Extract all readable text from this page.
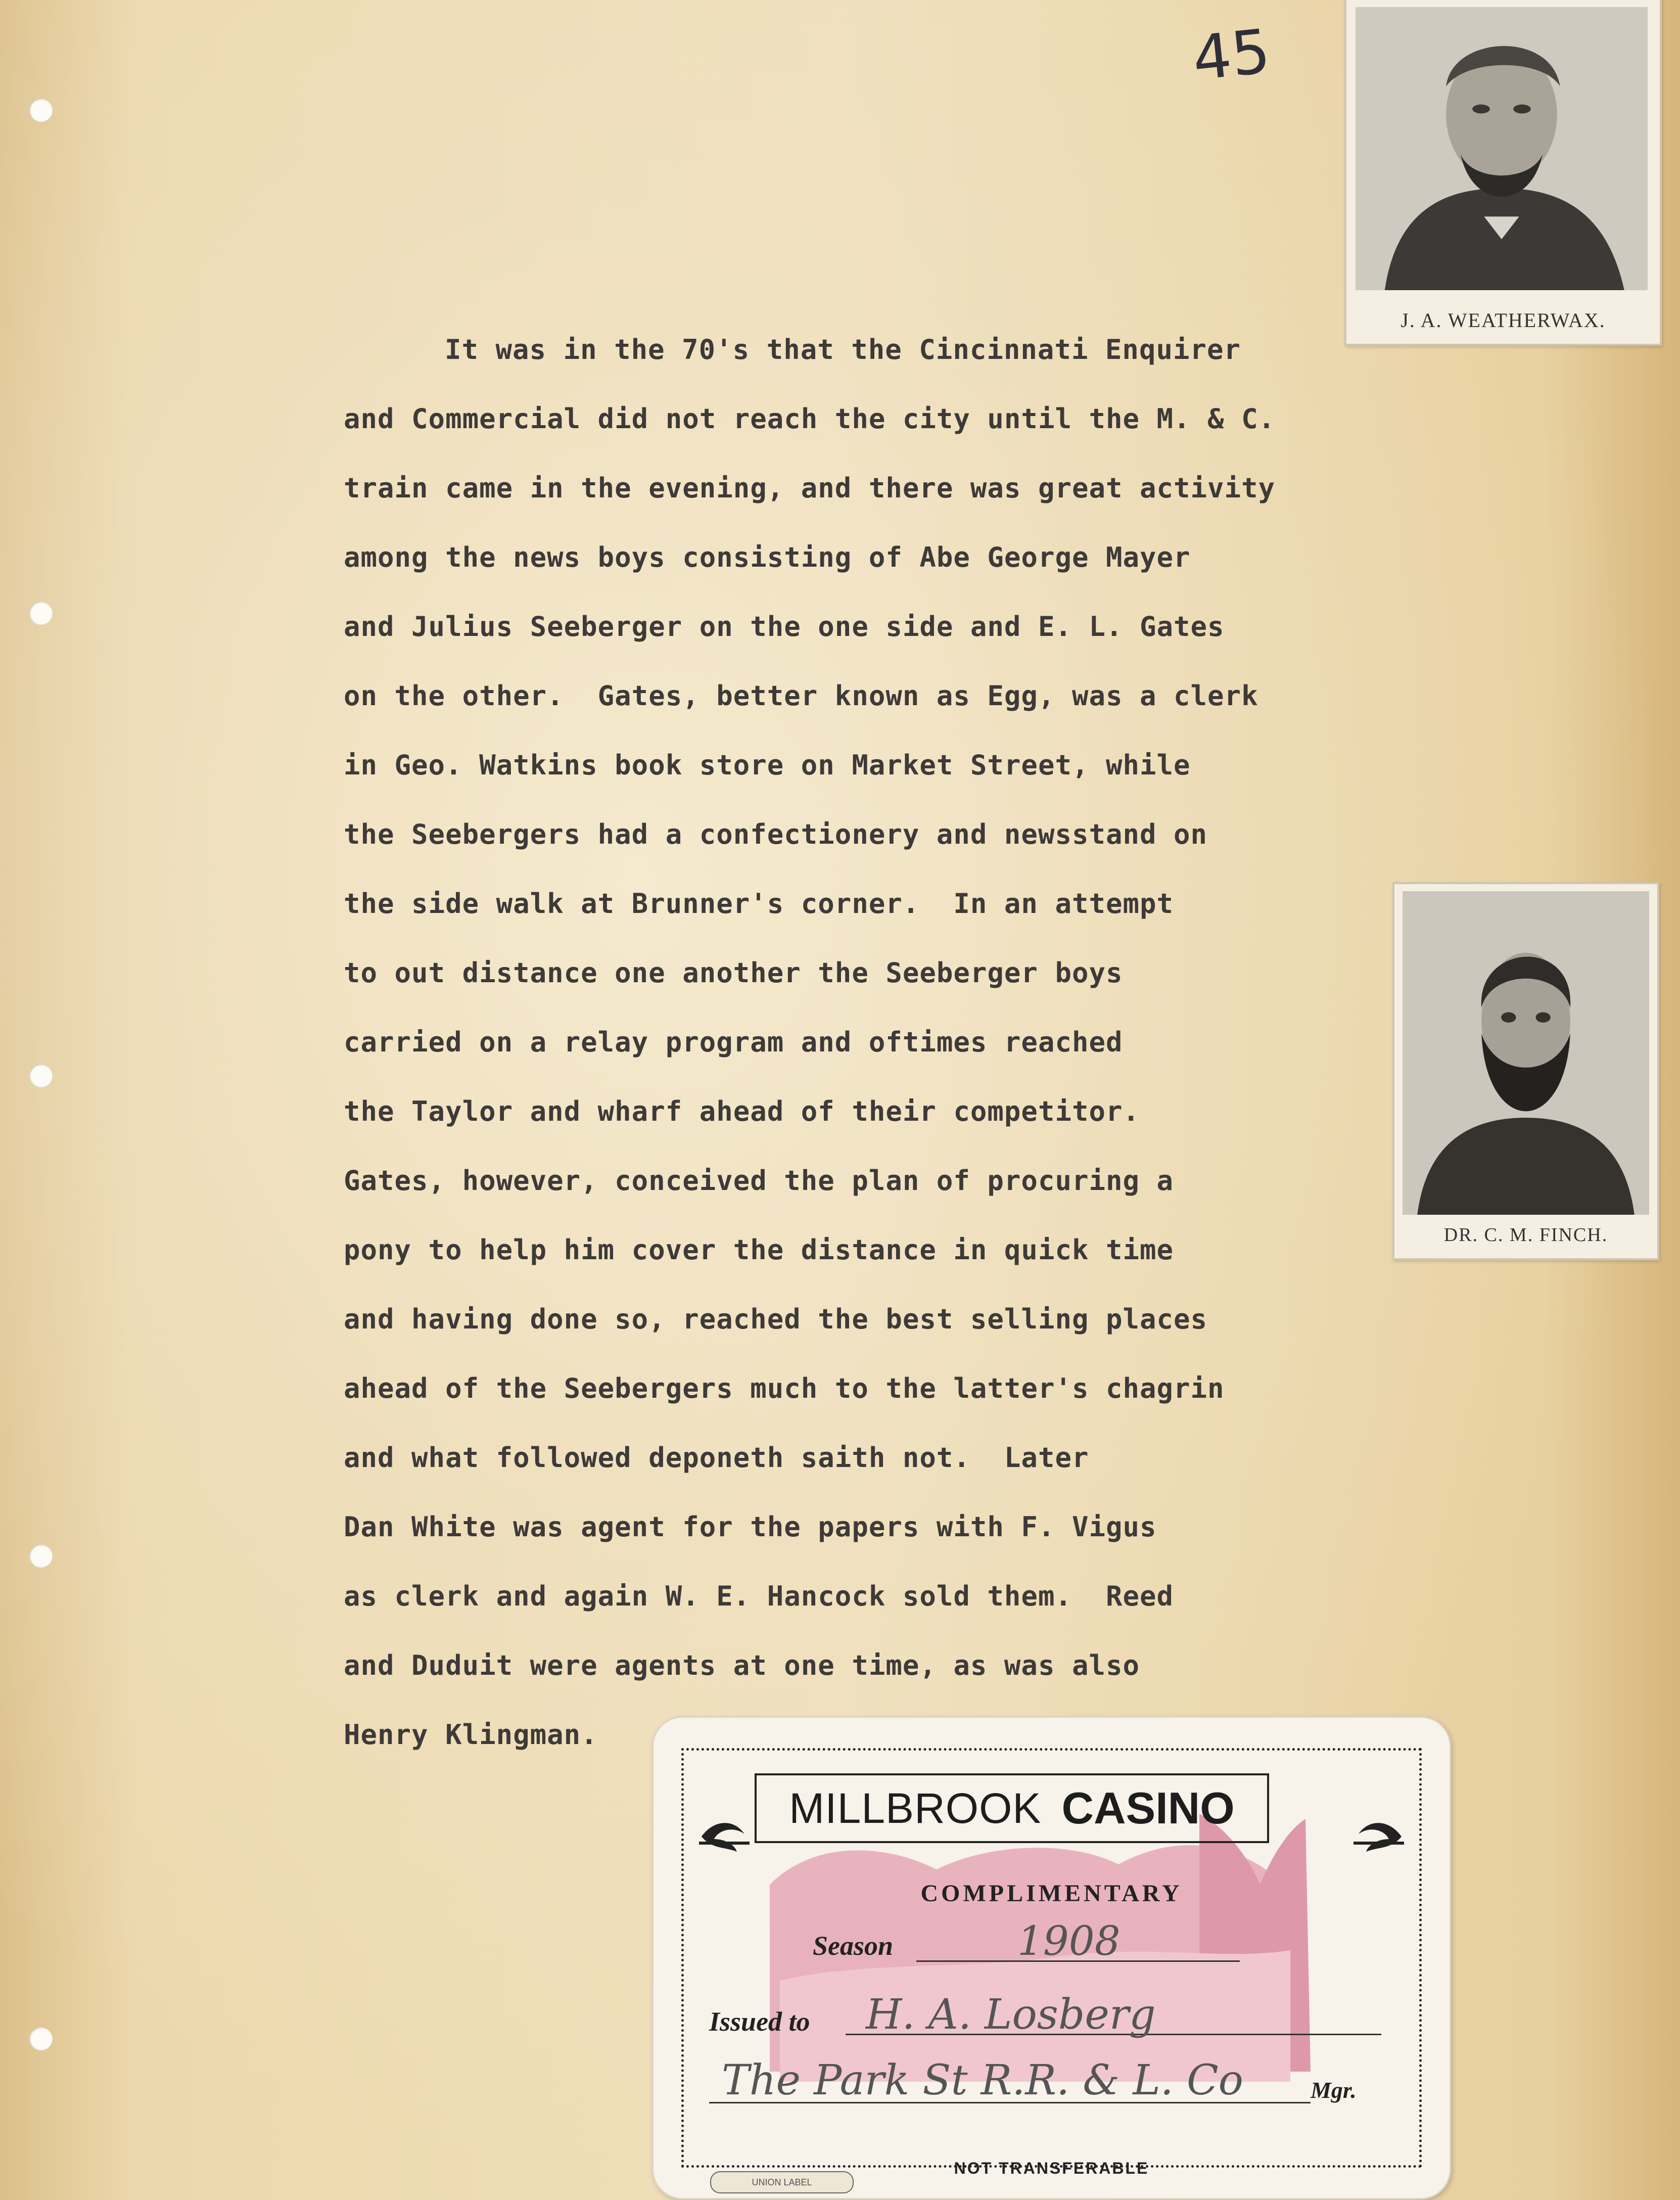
45
J. A. WEATHERWAX.
DR. C. M. FINCH.
It was in the 70's that the Cincinnati Enquirer
and Commercial did not reach the city until the M. & C.
train came in the evening, and there was great activity
among the news boys consisting of Abe George Mayer
and Julius Seeberger on the one side and E. L. Gates
on the other.  Gates, better known as Egg, was a clerk
in Geo. Watkins book store on Market Street, while
the Seebergers had a confectionery and newsstand on
the side walk at Brunner's corner.  In an attempt
to out distance one another the Seeberger boys
carried on a relay program and oftimes reached
the Taylor and wharf ahead of their competitor.
Gates, however, conceived the plan of procuring a
pony to help him cover the distance in quick time
and having done so, reached the best selling places
ahead of the Seebergers much to the latter's chagrin
and what followed deponeth saith not.  Later
Dan White was agent for the papers with F. Vigus
as clerk and again W. E. Hancock sold them.  Reed
and Duduit were agents at one time, as was also
Henry Klingman.
MILLBROOK CASINO
COMPLIMENTARY
Season	1908
Issued to H. A. Losberg
The Park St R.R. & L. Co	Mgr.
NOT TRANSFERABLE
UNION LABEL
